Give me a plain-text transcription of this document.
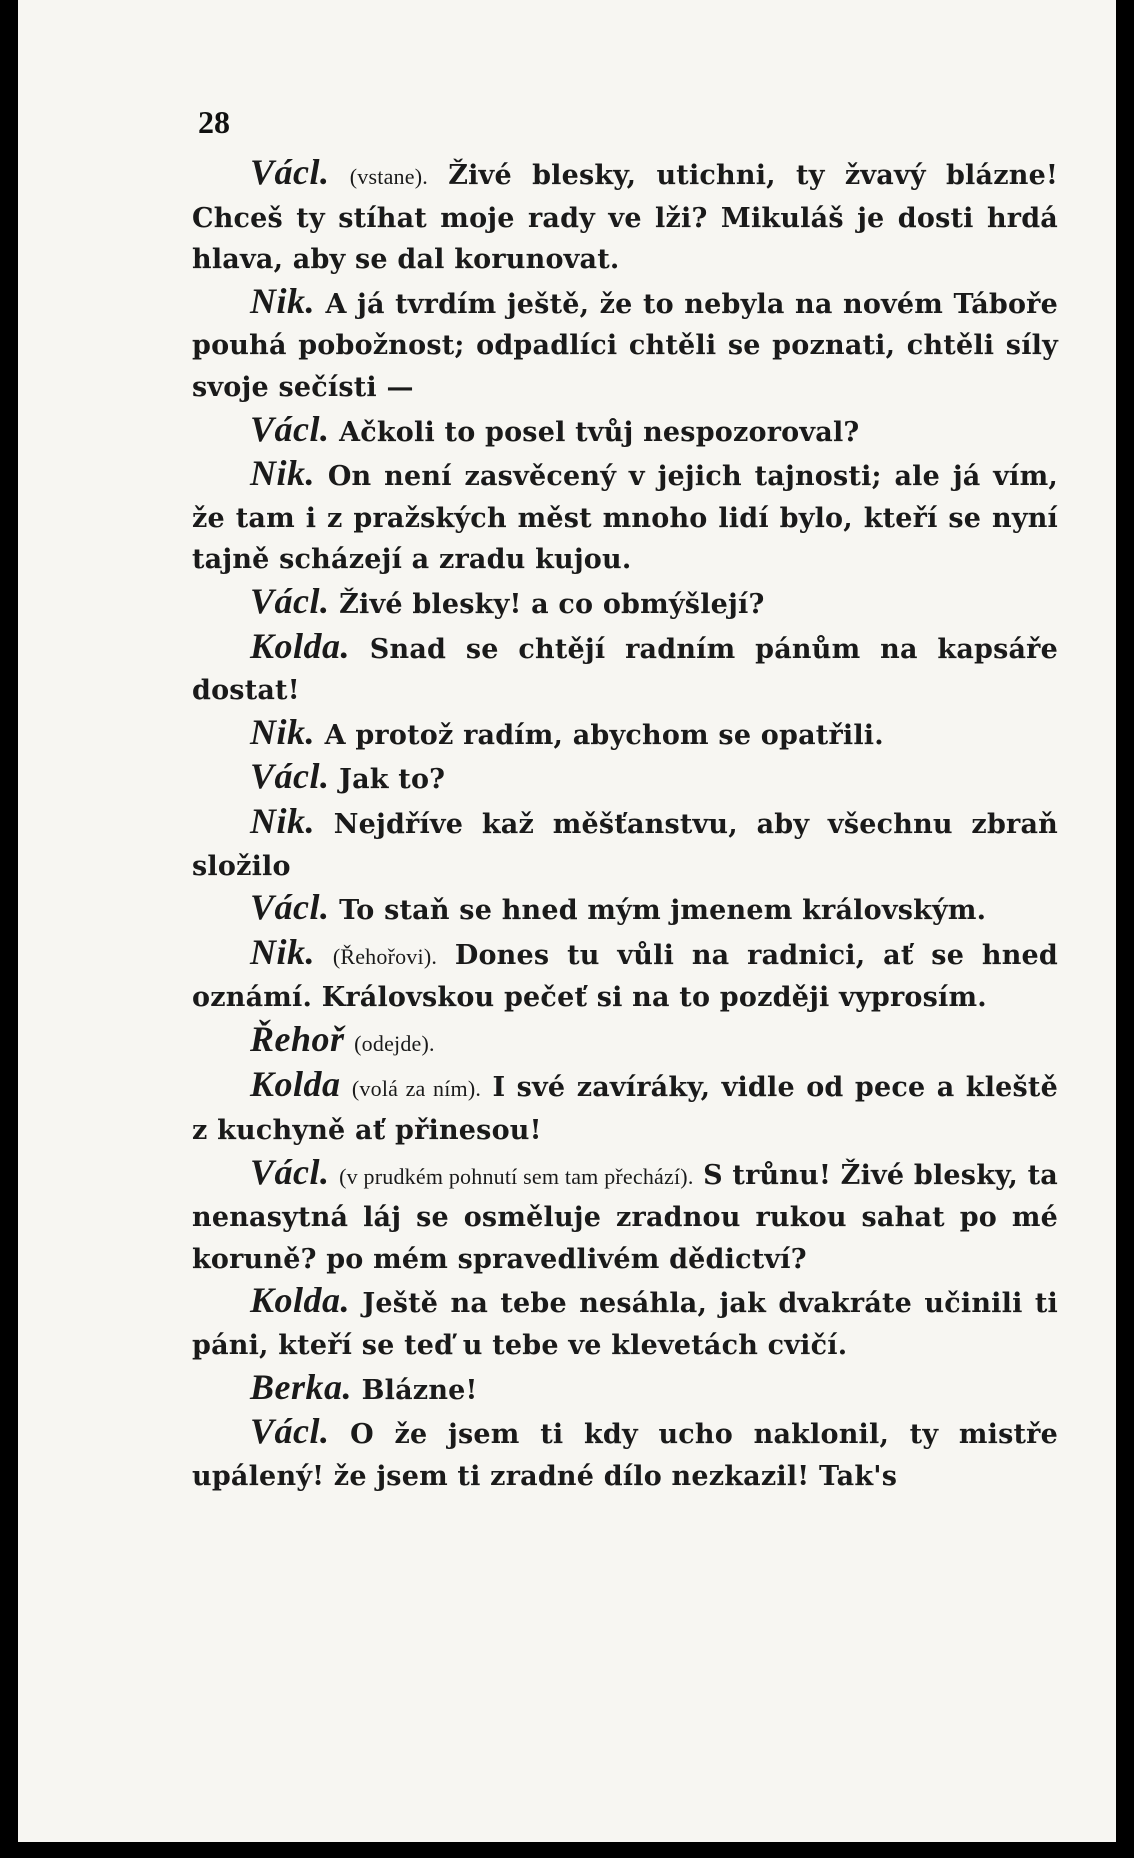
28

Václ. (vstane). Živé blesky, utichni, ty žvavý blázne! Chceš ty stíhat moje rady ve lži? Mikuláš je dosti hrdá hlava, aby se dal korunovat.

Nik. A já tvrdím ještě, že to nebyla na novém Táboře pouhá pobožnost; odpadlíci chtěli se poznati, chtěli síly svoje sečísti —

Václ. Ačkoli to posel tvůj nespozoroval?

Nik. On není zasvěcený v jejich tajnosti; ale já vím, že tam i z pražských měst mnoho lidí bylo, kteří se nyní tajně scházejí a zradu kujou.

Václ. Živé blesky! a co obmýšlejí?

Kolda. Snad se chtějí radním pánům na kapsáře dostat!

Nik. A protož radím, abychom se opatřili.

Václ. Jak to?

Nik. Nejdříve kaž měšťanstvu, aby všechnu zbraň složilo

Václ. To staň se hned mým jmenem královským.

Nik. (Řehořovi). Dones tu vůli na radnici, ať se hned oznámí. Královskou pečeť si na to později vyprosím.

Řehoř (odejde).

Kolda (volá za ním). I své zavíráky, vidle od pece a kleště z kuchyně ať přinesou!

Václ. (v prudkém pohnutí sem tam přechází). S trůnu! Živé blesky, ta nenasytná láj se osměluje zradnou rukou sahat po mé koruně? po mém spravedlivém dědictví?

Kolda. Ještě na tebe nesáhla, jak dvakráte učinili ti páni, kteří se teď u tebe ve klevetách cvičí.

Berka. Blázne!

Václ. O že jsem ti kdy ucho naklonil, ty mistře upálený! že jsem ti zradné dílo nezkazil! Tak's
